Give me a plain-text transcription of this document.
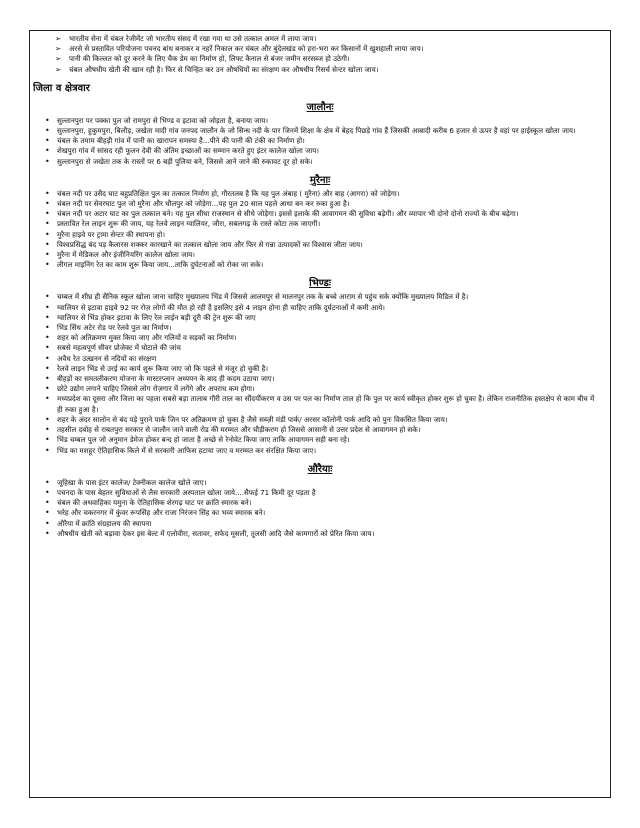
➢ भारतीय सेना में चंबल रेजीमेंट जो भारतीय संसद में रखा गया था उसे तत्काल अमल में लाया जाय।
➢ अरसे से प्रस्तावित परियोजना पचनद बांध बनाकर व नहरें निकाल कर चंबल और बुंदेलखंड को हरा-भरा कर किसानों में खुशहाली लाया जाय।
➢ पानी की किल्लत को दूर करने के लिए चैक डेम का निर्माण हो, लिफ्ट कैनाल से बंजर जमीन सरसब्ज हो उठेगी।
➢ चंबल औषधीय खेती की खान रही है। फिर से चिन्हित कर उन औषधियों का संरक्षण कर औषधीय रिसर्च सेन्टर खोला जाय।
जिला व क्षेत्रवार
जालौनः
• सुल्तानपुरा पर पक्का पुल जो रामपुरा से भिण्ड व इटावा को जोड़ता है, बनाया जाय।
• सुल्तानपुरा, हुकुमपुरा, बिलौड़, जखेता मादी गांव जनपद जालौन के जो सिन्ध नदी के पार जिनमें शिक्षा के क्षेत्र में बेहद पिछड़े गांव हैं जिसकी आबादी करीब 6 हजार से ऊपर है वहां पर हाईस्कूल खोला जाय।
• चंबल के तमाम बीहड़ी गांव में पानी का खारापन समस्या है...पीने की पानी की टंकी का निर्माण हो।
• शेखपुरा गांव में सांसद रही फूलन देवी की अंतिम इच्छाओं का सम्मान करते हुए इंटर कालेज खोला जाय।
• सुल्तानपुरा से जखेता तक के रास्तों पर 6 बड़ी पुलिया बने, जिससे आने जाने की रुकावट दूर हो सके।
मुरैनाः
• चंबल नदी पर उसैद घाट बहुप्रतिक्षित पुल का तत्काल निर्माण हो, गौरतलब है कि यह पुल अंबाह ( मुरैना) और बाह (आगरा) को जोड़ेगा।
• चंबल नदी पर सेवरघाट पुल जो मुरैना और धौलपुर को जोड़ेगा...यह पुल 20 साल पहले आधा बन कर रुका हुआ है।
• चंबल नदी पर अटार घाट का पुल तत्काल बने। यह पुल सीधा राजस्थान से सीधे जोड़ेगा। इससे इलाके की आवागमन की सुविधा बढ़ेगी। और व्यापार भी दोनो दोनो राज्यों के बीच बढ़ेगा।
• प्रस्तावित रेल लाइन शुरू की जाय, यह रेलवे लाइन ग्वालियर, जौरा, सबलगढ़ के रास्ते कोटा तक जाएगी।
• मुरैना हाइवे पर ट्रामा सेन्टर की स्थापना हो।
• विश्वप्रसिद्ध बंद पड़ कैलारस शक्कर कारखाने का तत्काल खोला जाय और फिर से गन्ना उत्पादकों का विश्वास जीता जाय।
• मुरैना में मेडिकल और इंजीनियरिंग कालेज खोला जाय।
• लीगल माइनिंग रेत का काम शुरू किया जाय...ताकि दुर्घटनाओं को रोका जा सके।
भिण्डः
• चम्बल में शीघ्र ही सैनिक स्कूल खोला जाना चाहिए मुख्यालय भिंड में जिससे आलमपुर से मालनपुर तक के बच्चे आराम से पहुंच सके क्योंकि मुख्यालय मिडिल में है।
• ग्वालियर से इटावा हाइवे 92 पर रोज़ लोगों की मौत हो रही है इसलिए इसे 4 लाइन होना ही चाहिए ताकि दुर्घटनाओं में कमी आये।
• ग्वालियर से भिंड होकर इटावा के लिए रेल लाईन बड़ी दूरी की ट्रेन शुरू की जाए
• भिंड सिंध अटेर रोड पर रेलवे पुल का निर्माण।
• शहर को अतिक्रमण मुक्त किया जाए और गलियों व सड़कों का निर्माण।
• सबसे महत्वपूर्ण सीवर प्रोजेक्ट में घोटाले की जांच
• अवैध रेत उत्खनन से नदियों का संरक्षण
• रेलवे लाइन भिंड से उरई का कार्य शुरू किया जाए जो कि पहले से मंजूर हो चुकी है।
• बीहड़ों का समतलीकरण योजना के मास्टरप्लान अध्ययन के बाद ही कदम उठाया जाए।
• छोटे उद्योग लगाने चाहिए जिससे लोग रोज़गार में लगेंगे और अपराध कम होगा।
• मध्यप्रदेश का दूसरा और जिला का पहला सबसे बड़ा तालाब गौरी ताल का सौंदर्यीकरण व उस पर पल का निर्माण ताल हो कि पुल पर कार्य स्वीकृत होकर शुरू हो चुका है। लेकिन राजनीतिक हस्तक्षेप से काम बीच में ही रुका हुआ है।
• शहर के अंदर सालोन से बंद पड़े पुराने पार्क जिन पर अतिक्रमण हो चुका है जैसे सब्ज़ी मंडी पार्क/ अरसर कॉलोनी पार्क आदि को पुनः विकसित किया जाय।
• तहसील दबोह से राबतपुरा सरकार से जालौन जाने वाली रोड की मरम्मत और चौड़ीकरण हो जिससे आसानी से उत्तर प्रदेश से आवागमन हो सके।
• भिंड चम्बल पुल जो अनुमान डेमेज होकर बन्द हो जाता है अच्छे से रेनोवेट किया जाए ताकि आवागमन सही बना रहे।
• भिंड का मशहूर ऐतिहासिक किले में से सरकारी आफिस हटाया जाए व मरम्मत कर संरक्षित किया जाए।
औरैयाः
• जूहिखा के पास इंटर कालेज/ टेक्नीकल कालेज खोले जाए।
• पचनदा के पास बेहतर सुविधाओं से लैस सरकारी अस्पताल खोला जाये....सैफई 71 किमी दूर पड़ता है
• चंबल की अथवाहिका यमुना के ऐतिहासिक शेरगढ़ घाट पर क्रांति स्मारक बने।
• भरेह और चकरनगर में कुंवर रूपसिंह और राजा निरंजन सिंह का भव्य स्मारक बने।
• औरैया में क्रांति संग्रहालय की स्थापना
• औषधीय खेती को बढ़ावा देकर इस बेल्ट में एलोवीरा, सतावर, सफेद मूसली, तुलसी आदि जैसे कामगारों को प्रेरित किया जाय।
